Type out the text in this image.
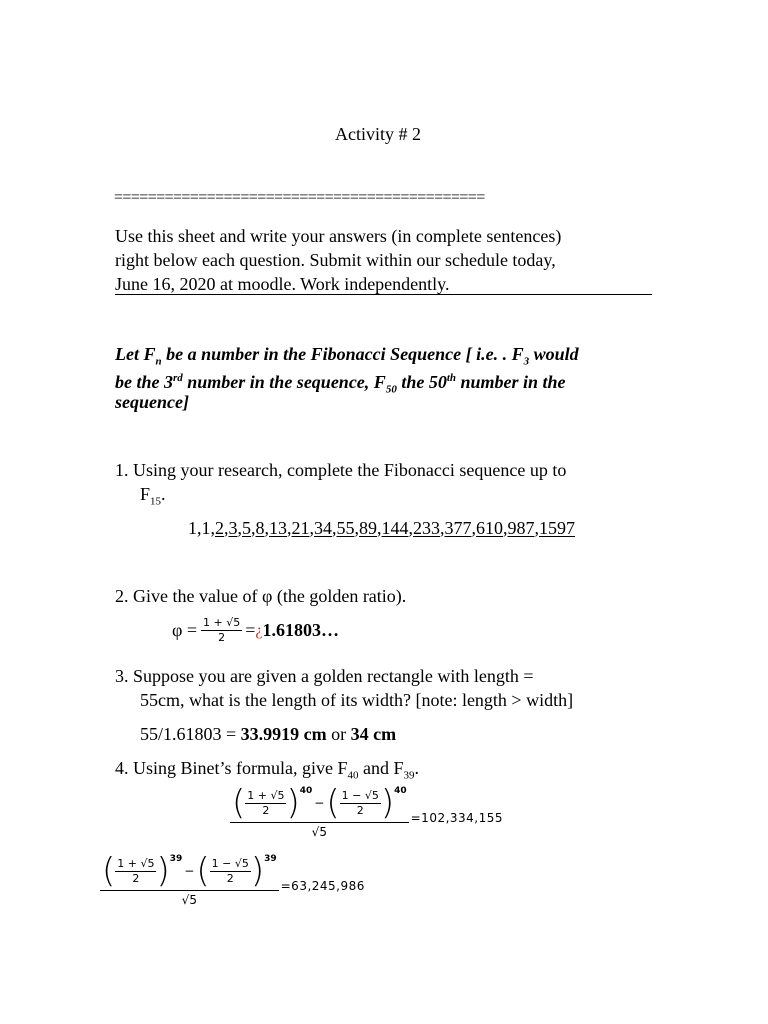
Activity # 2
============================================
Use this sheet and write your answers (in complete sentences)
right below each question. Submit within our schedule today,
June 16, 2020 at moodle. Work independently.
Let $F_n$ be a number in the Fibonacci Sequence [ i.e. . $F_3$ would
be the 3rd number in the sequence, $F_{50}$ the 50th number in the
sequence]
1. Using your research, complete the Fibonacci sequence up to
$F_{15}$.
1,1,2,3,5,8,13,21,34,55,89,144,233,377,610,987,1597
2. Give the value of φ (the golden ratio).
$\varphi = \frac{1 + √5}{2}$ = ¿ 1.61803…
3. Suppose you are given a golden rectangle with length =
55cm, what is the length of its width? [note: length > width]
55/1.61803 = 33.9919 cm or 34 cm
4. Using Binet’s formula, give $F_{40}$ and $F_{39}$.
( $\frac{1 + √5}{2} )^{40}$
− ( $\frac{1 - √5}{2} )^{40}$
√5
=102,334,155
( $\frac{1 + √5}{2} )^{39}$
− ( $\frac{1 - √5}{2} )^{39}$
√5
=63,245,986
